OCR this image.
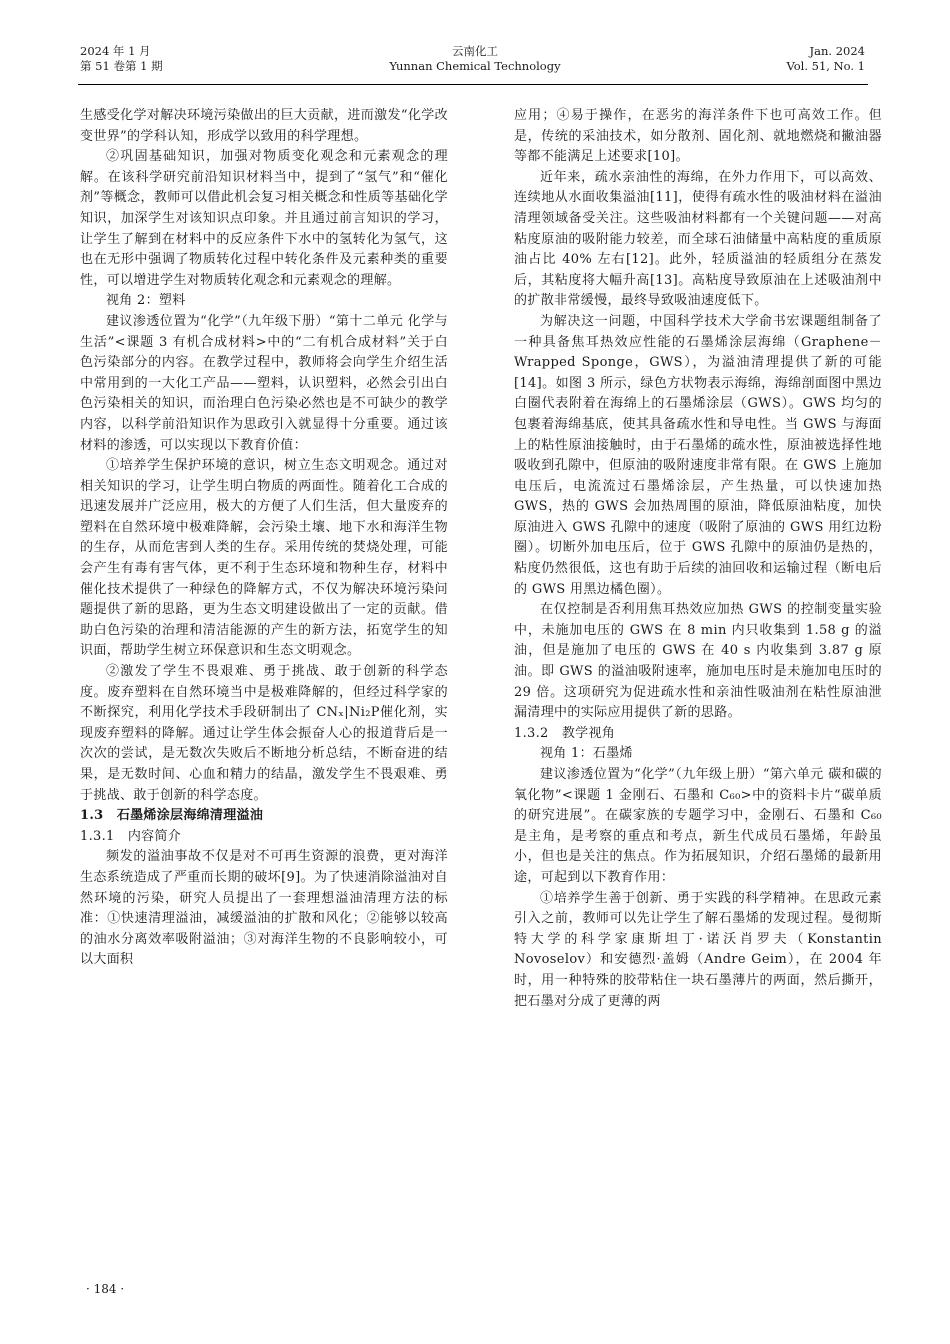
2024 年 1 月
第 51 卷第 1 期
云南化工
Yunnan Chemical Technology
Jan. 2024
Vol. 51, No. 1

生感受化学对解决环境污染做出的巨大贡献，进而激发“化学改变世界”的学科认知，形成学以致用的科学理想。

②巩固基础知识，加强对物质变化观念和元素观念的理解。在该科学研究前沿知识材料当中，提到了“氢气”和“催化剂”等概念，教师可以借此机会复习相关概念和性质等基础化学知识，加深学生对该知识点印象。并且通过前言知识的学习，让学生了解到在材料中的反应条件下水中的氢转化为氢气，这也在无形中强调了物质转化过程中转化条件及元素种类的重要性，可以增进学生对物质转化观念和元素观念的理解。

视角 2：塑料

建议渗透位置为“化学”（九年级下册）“第十二单元 化学与生活”<课题 3 有机合成材料>中的“二有机合成材料”关于白色污染部分的内容。在教学过程中，教师将会向学生介绍生活中常用到的一大化工产品——塑料，认识塑料，必然会引出白色污染相关的知识，而治理白色污染必然也是不可缺少的教学内容，以科学前沿知识作为思政引入就显得十分重要。通过该材料的渗透，可以实现以下教育价值：

①培养学生保护环境的意识，树立生态文明观念。通过对相关知识的学习，让学生明白物质的两面性。随着化工合成的迅速发展并广泛应用，极大的方便了人们生活，但大量废弃的塑料在自然环境中极难降解，会污染土壤、地下水和海洋生物的生存，从而危害到人类的生存。采用传统的焚烧处理，可能会产生有毒有害气体，更不利于生态环境和物种生存，材料中催化技术提供了一种绿色的降解方式，不仅为解决环境污染问题提供了新的思路，更为生态文明建设做出了一定的贡献。借助白色污染的治理和清洁能源的产生的新方法，拓宽学生的知识面，帮助学生树立环保意识和生态文明观念。

②激发了学生不畏艰难、勇于挑战、敢于创新的科学态度。废弃塑料在自然环境当中是极难降解的，但经过科学家的不断探究，利用化学技术手段研制出了 CNₓ|Ni₂P催化剂，实现废弃塑料的降解。通过让学生体会振奋人心的报道背后是一次次的尝试，是无数次失败后不断地分析总结，不断奋进的结果，是无数时间、心血和精力的结晶，激发学生不畏艰难、勇于挑战、敢于创新的科学态度。

1.3　石墨烯涂层海绵清理溢油

1.3.1　内容简介

频发的溢油事故不仅是对不可再生资源的浪费，更对海洋生态系统造成了严重而长期的破坏[9]。为了快速消除溢油对自然环境的污染，研究人员提出了一套理想溢油清理方法的标准：①快速清理溢油，减缓溢油的扩散和风化；②能够以较高的油水分离效率吸附溢油；③对海洋生物的不良影响较小，可以大面积

应用；④易于操作，在恶劣的海洋条件下也可高效工作。但是，传统的采油技术，如分散剂、固化剂、就地燃烧和撇油器等都不能满足上述要求[10]。

近年来，疏水亲油性的海绵，在外力作用下，可以高效、连续地从水面收集溢油[11]，使得有疏水性的吸油材料在溢油清理领域备受关注。这些吸油材料都有一个关键问题——对高粘度原油的吸附能力较差，而全球石油储量中高粘度的重质原油占比 40% 左右[12]。此外，轻质溢油的轻质组分在蒸发后，其粘度将大幅升高[13]。高粘度导致原油在上述吸油剂中的扩散非常缓慢，最终导致吸油速度低下。

为解决这一问题，中国科学技术大学俞书宏课题组制备了一种具备焦耳热效应性能的石墨烯涂层海绵（Graphene－Wrapped Sponge，GWS），为溢油清理提供了新的可能[14]。如图 3 所示，绿色方状物表示海绵，海绵剖面图中黑边白圈代表附着在海绵上的石墨烯涂层（GWS）。GWS 均匀的包裹着海绵基底，使其具备疏水性和导电性。当 GWS 与海面上的粘性原油接触时，由于石墨烯的疏水性，原油被选择性地吸收到孔隙中，但原油的吸附速度非常有限。在 GWS 上施加电压后，电流流过石墨烯涂层，产生热量，可以快速加热 GWS，热的 GWS 会加热周围的原油，降低原油粘度，加快原油进入 GWS 孔隙中的速度（吸附了原油的 GWS 用红边粉圈）。切断外加电压后，位于 GWS 孔隙中的原油仍是热的，粘度仍然很低，这也有助于后续的油回收和运输过程（断电后的 GWS 用黑边橘色圈）。

在仅控制是否利用焦耳热效应加热 GWS 的控制变量实验中，未施加电压的 GWS 在 8 min 内只收集到 1.58 g 的溢油，但是施加了电压的 GWS 在 40 s 内收集到 3.87 g 原油。即 GWS 的溢油吸附速率，施加电压时是未施加电压时的 29 倍。这项研究为促进疏水性和亲油性吸油剂在粘性原油泄漏清理中的实际应用提供了新的思路。

1.3.2　教学视角

视角 1：石墨烯

建议渗透位置为“化学”（九年级上册）“第六单元 碳和碳的氧化物”<课题 1 金刚石、石墨和 C₆₀>中的资料卡片“碳单质的研究进展”。在碳家族的专题学习中，金刚石、石墨和 C₆₀ 是主角，是考察的重点和考点，新生代成员石墨烯，年龄虽小，但也是关注的焦点。作为拓展知识，介绍石墨烯的最新用途，可起到以下教育作用：

①培养学生善于创新、勇于实践的科学精神。在思政元素引入之前，教师可以先让学生了解石墨烯的发现过程。曼彻斯特大学的科学家康斯坦丁·诺沃肖罗夫（Konstantin Novoselov）和安德烈·盖姆（Andre Geim），在 2004 年时，用一种特殊的胶带粘住一块石墨薄片的两面，然后撕开，把石墨对分成了更薄的两

· 184 ·
